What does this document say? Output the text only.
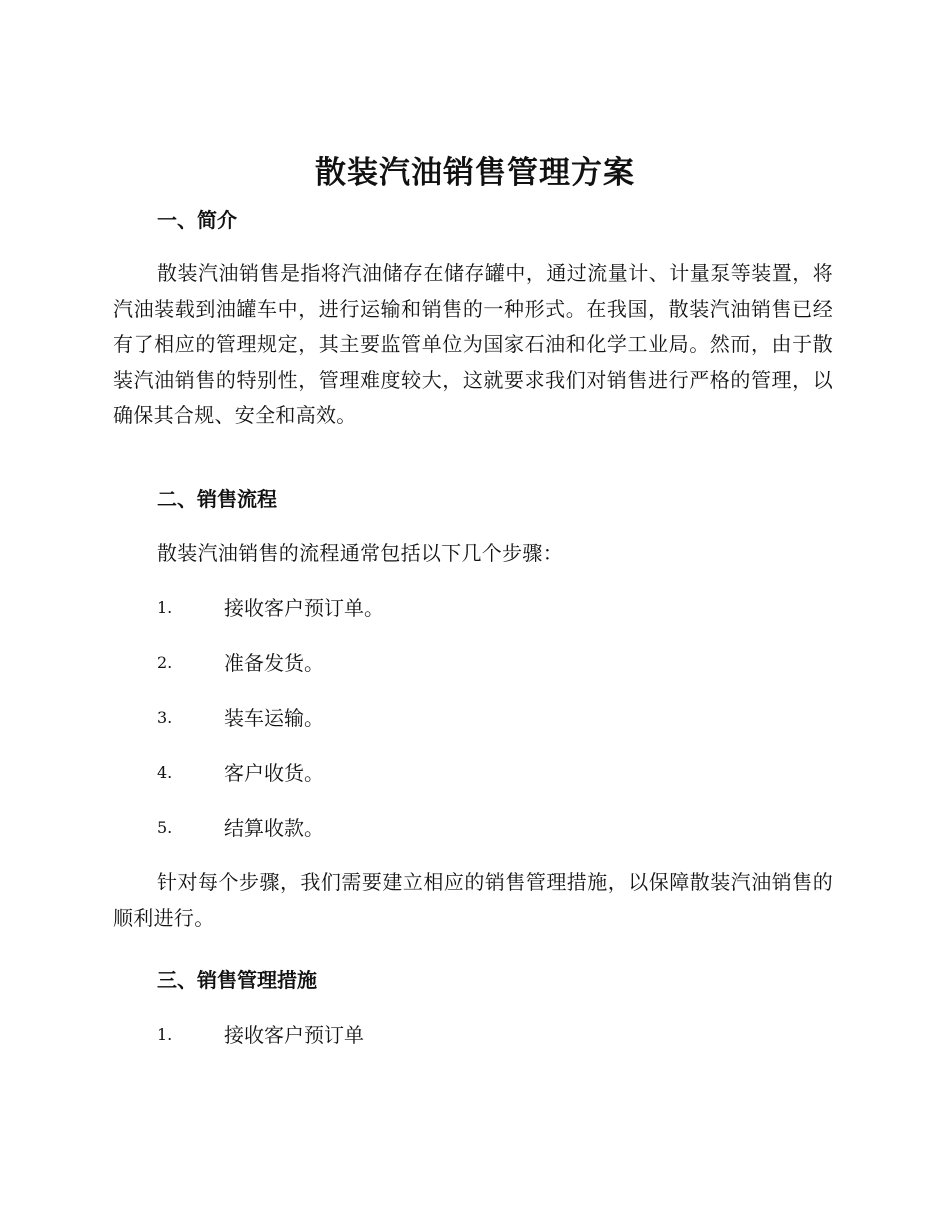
散装汽油销售管理方案
一、简介

散装汽油销售是指将汽油储存在储存罐中，通过流量计、计量泵等装置，将汽油装载到油罐车中，进行运输和销售的一种形式。在我国，散装汽油销售已经有了相应的管理规定，其主要监管单位为国家石油和化学工业局。然而，由于散装汽油销售的特别性，管理难度较大，这就要求我们对销售进行严格的管理，以确保其合规、安全和高效。

二、销售流程

散装汽油销售的流程通常包括以下几个步骤：

1.	接收客户预订单。
2.	准备发货。
3.	装车运输。
4.	客户收货。
5.	结算收款。

针对每个步骤，我们需要建立相应的销售管理措施，以保障散装汽油销售的顺利进行。

三、销售管理措施
1.	接收客户预订单
